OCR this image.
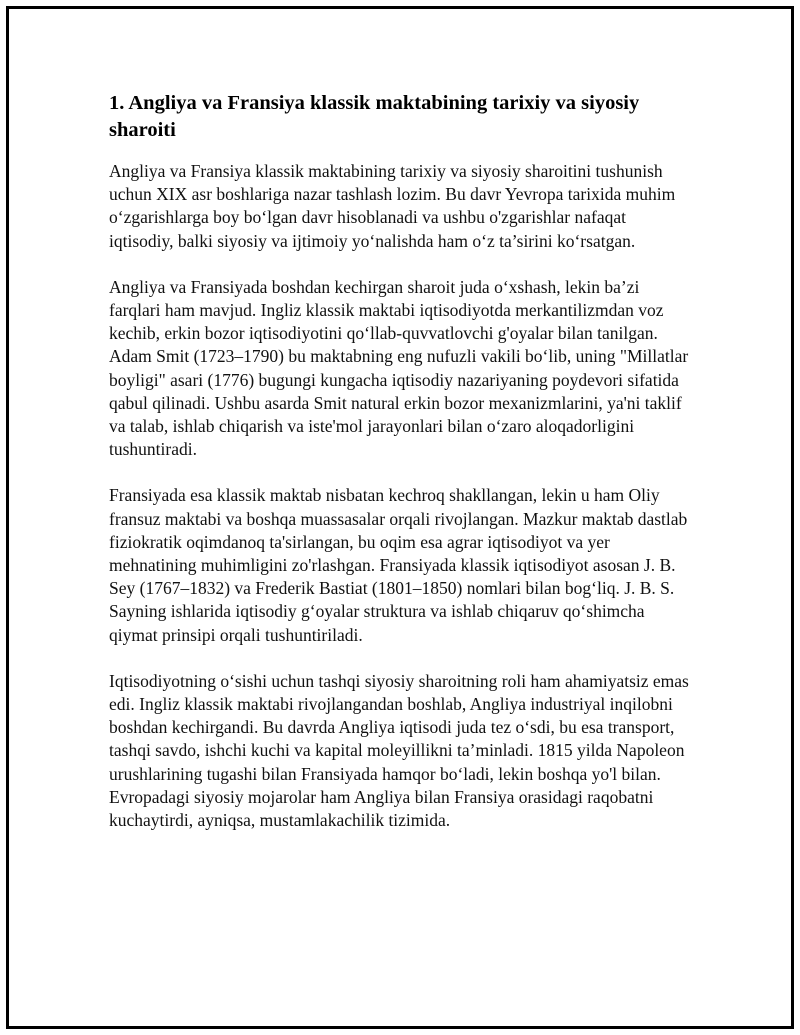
1. Angliya va Fransiya klassik maktabining tarixiy va siyosiy sharoiti

Angliya va Fransiya klassik maktabining tarixiy va siyosiy sharoitini tushunish uchun XIX asr boshlariga nazar tashlash lozim. Bu davr Yevropa tarixida muhim o‘zgarishlarga boy bo‘lgan davr hisoblanadi va ushbu o'zgarishlar nafaqat iqtisodiy, balki siyosiy va ijtimoiy yo‘nalishda ham o‘z ta’sirini ko‘rsatgan.

Angliya va Fransiyada boshdan kechirgan sharoit juda o‘xshash, lekin ba’zi farqlari ham mavjud. Ingliz klassik maktabi iqtisodiyotda merkantilizmdan voz kechib, erkin bozor iqtisodiyotini qo‘llab-quvvatlovchi g'oyalar bilan tanilgan. Adam Smit (1723–1790) bu maktabning eng nufuzli vakili bo‘lib, uning "Millatlar boyligi" asari (1776) bugungi kungacha iqtisodiy nazariyaning poydevori sifatida qabul qilinadi. Ushbu asarda Smit natural erkin bozor mexanizmlarini, ya'ni taklif va talab, ishlab chiqarish va iste'mol jarayonlari bilan o‘zaro aloqadorligini tushuntiradi.

Fransiyada esa klassik maktab nisbatan kechroq shakllangan, lekin u ham Oliy fransuz maktabi va boshqa muassasalar orqali rivojlangan. Mazkur maktab dastlab fiziokratik oqimdanoq ta'sirlangan, bu oqim esa agrar iqtisodiyot va yer mehnatining muhimligini zo'rlashgan. Fransiyada klassik iqtisodiyot asosan J. B. Sey (1767–1832) va Frederik Bastiat (1801–1850) nomlari bilan bog‘liq. J. B. S. Sayning ishlarida iqtisodiy g‘oyalar struktura va ishlab chiqaruv qo‘shimcha qiymat prinsipi orqali tushuntiriladi.

Iqtisodiyotning o‘sishi uchun tashqi siyosiy sharoitning roli ham ahamiyatsiz emas edi. Ingliz klassik maktabi rivojlangandan boshlab, Angliya industriyal inqilobni boshdan kechirgandi. Bu davrda Angliya iqtisodi juda tez o‘sdi, bu esa transport, tashqi savdo, ishchi kuchi va kapital moleyillikni ta’minladi. 1815 yilda Napoleon urushlarining tugashi bilan Fransiyada hamqor bo‘ladi, lekin boshqa yo'l bilan. Evropadagi siyosiy mojarolar ham Angliya bilan Fransiya orasidagi raqobatni kuchaytirdi, ayniqsa, mustamlakachilik tizimida.
